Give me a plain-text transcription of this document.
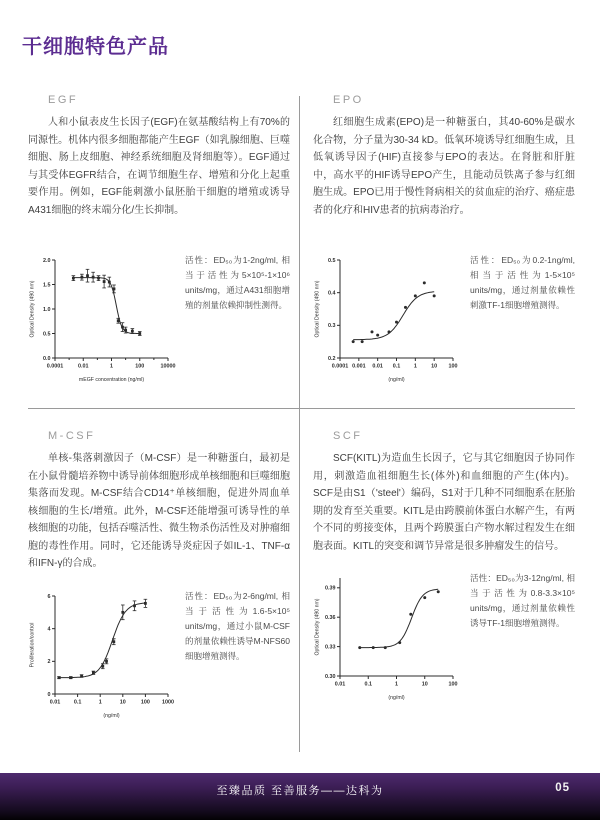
干细胞特色产品
EGF

人和小鼠表皮生长因子(EGF)在氨基酸结构上有70%的同源性。机体内很多细胞都能产生EGF（如乳腺细胞、巨噬细胞、肠上皮细胞、神经系统细胞及肾细胞等）。EGF通过与其受体EGFR结合，在调节细胞生存、增殖和分化上起重要作用。例如，EGF能刺激小鼠胚胎干细胞的增殖或诱导A431细胞的终末端分化/生长抑制。

0.0
0.5
1.0
1.5
2.0
0.0001	0.01	1	100	10000
mEGF concentration (ng/ml)
Optical Density (490 nm)

活性：ED₅₀为1-2ng/ml, 相当于活性为5×10⁵-1×10⁶ units/mg，通过A431细胞增殖的剂量依赖抑制性测得。

EPO

红细胞生成素(EPO)是一种糖蛋白，其40-60%是碳水化合物，分子量为30-34 kD。低氧环境诱导红细胞生成，且低氧诱导因子(HIF)直接参与EPO的表达。在肾脏和肝脏中，高水平的HIF诱导EPO产生，且能动员铁离子参与红细胞生成。EPO已用于慢性肾病相关的贫血症的治疗、癌症患者的化疗和HIV患者的抗病毒治疗。

0.2
0.3
0.4
0.5
0.0001 0.001 0.01 0.1	1	10 100
(ng/ml)
Optical Density (490 nm)

活性：ED₅₀为0.2-1ng/ml, 相当于活性为1-5×10⁵ units/mg，通过剂量依赖性刺激TF-1细胞增殖测得。

M-CSF

单核-集落刺激因子（M-CSF）是一种糖蛋白，最初是在小鼠骨髓培养物中诱导前体细胞形成单核细胞和巨噬细胞集落而发现。M-CSF结合CD14⁺单核细胞，促进外周血单核细胞的生长/增殖。此外，M-CSF还能增强可诱导性的单核细胞的功能，包括吞噬活性、微生物杀伤活性及对肿瘤细胞的毒性作用。同时，它还能诱导炎症因子如IL-1、TNF-α和IFN-γ的合成。

0
2
4
6
0.01	0.1	1	10	100 1000
(ng/ml)
Proliferation/control

活性：ED₅₀为2-6ng/ml, 相当于活性为1.6-5×10⁵ units/mg，通过小鼠M-CSF的剂量依赖性诱导M-NFS60细胞增殖测得。

SCF

SCF(KITL)为造血生长因子，它与其它细胞因子协同作用，刺激造血祖细胞生长(体外)和血细胞的产生(体内)。SCF是由S1（'steel'）编码，S1对于几种不同细胞系在胚胎期的发育至关重要。KITL是由跨膜前体蛋白水解产生，有两个不同的剪接变体，且两个跨膜蛋白产物水解过程发生在细胞表面。KITL的突变和调节异常是很多肿瘤发生的信号。

0.30
0.33
0.36
0.39
0.01	0.1	1	10	100
(ng/ml)
Optical Density (490 nm)

活性：ED₅₀为3-12ng/ml, 相当于活性为0.8-3.3×10⁵ units/mg，通过剂量依赖性诱导TF-1细胞增殖测得。

至臻品质 至善服务——达科为	05
